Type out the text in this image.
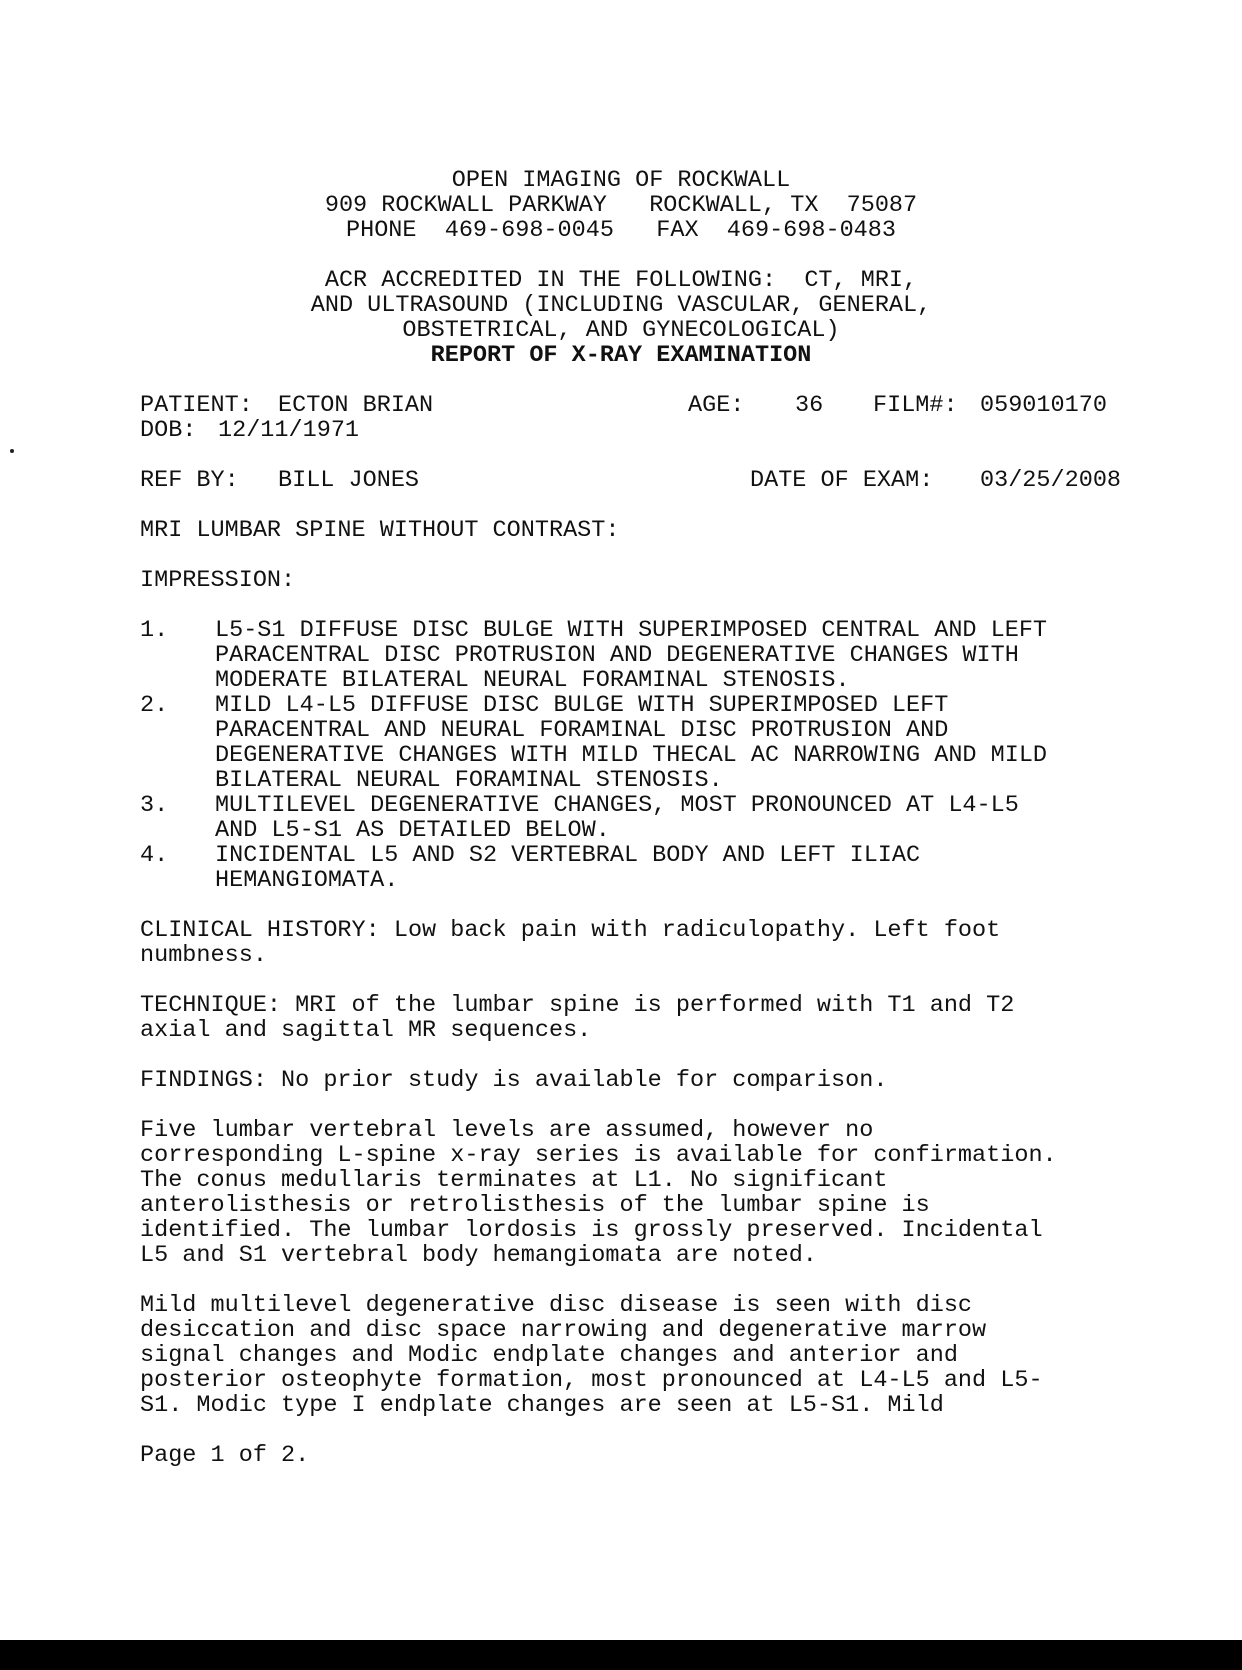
OPEN IMAGING OF ROCKWALL
909 ROCKWALL PARKWAY   ROCKWALL, TX  75087
PHONE  469-698-0045   FAX  469-698-0483
ACR ACCREDITED IN THE FOLLOWING:  CT, MRI,
AND ULTRASOUND (INCLUDING VASCULAR, GENERAL,
OBSTETRICAL, AND GYNECOLOGICAL)
REPORT OF X-RAY EXAMINATION
PATIENT: ECTON BRIAN	AGE: 36 FILM#: 059010170
DOB: 12/11/1971
REF BY: BILL JONES	DATE OF EXAM: 03/25/2008
MRI LUMBAR SPINE WITHOUT CONTRAST:
IMPRESSION:
1. L5-S1 DIFFUSE DISC BULGE WITH SUPERIMPOSED CENTRAL AND LEFT
PARACENTRAL DISC PROTRUSION AND DEGENERATIVE CHANGES WITH
MODERATE BILATERAL NEURAL FORAMINAL STENOSIS.
2. MILD L4-L5 DIFFUSE DISC BULGE WITH SUPERIMPOSED LEFT
PARACENTRAL AND NEURAL FORAMINAL DISC PROTRUSION AND
DEGENERATIVE CHANGES WITH MILD THECAL AC NARROWING AND MILD
BILATERAL NEURAL FORAMINAL STENOSIS.
3. MULTILEVEL DEGENERATIVE CHANGES, MOST PRONOUNCED AT L4-L5
AND L5-S1 AS DETAILED BELOW.
4. INCIDENTAL L5 AND S2 VERTEBRAL BODY AND LEFT ILIAC
HEMANGIOMATA.
CLINICAL HISTORY: Low back pain with radiculopathy. Left foot
numbness.
TECHNIQUE: MRI of the lumbar spine is performed with T1 and T2
axial and sagittal MR sequences.
FINDINGS: No prior study is available for comparison.
Five lumbar vertebral levels are assumed, however no
corresponding L-spine x-ray series is available for confirmation.
The conus medullaris terminates at L1. No significant
anterolisthesis or retrolisthesis of the lumbar spine is
identified. The lumbar lordosis is grossly preserved. Incidental
L5 and S1 vertebral body hemangiomata are noted.
Mild multilevel degenerative disc disease is seen with disc
desiccation and disc space narrowing and degenerative marrow
signal changes and Modic endplate changes and anterior and
posterior osteophyte formation, most pronounced at L4-L5 and L5-
S1. Modic type I endplate changes are seen at L5-S1. Mild
Page 1 of 2.
